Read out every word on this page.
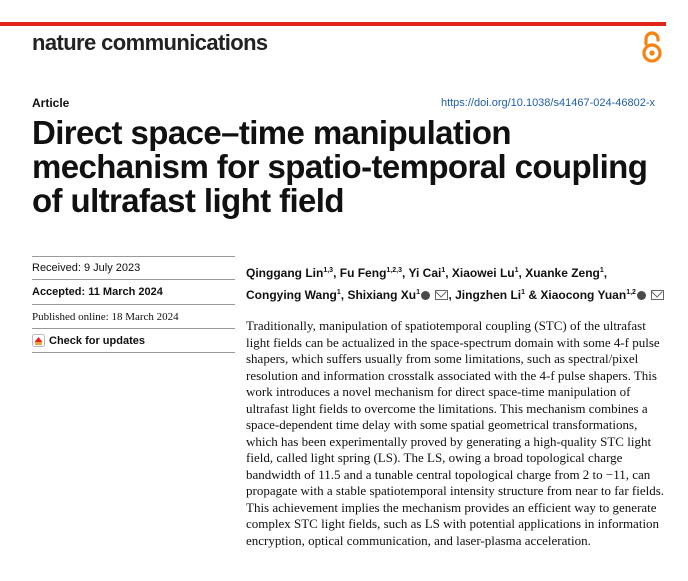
nature communications
Article	https://doi.org/10.1038/s41467-024-46802-x
Direct space–time manipulation mechanism for spatio-temporal coupling of ultrafast light field
Received: 9 July 2023
Accepted: 11 March 2024
Published online: 18 March 2024
Check for updates
Qinggang Lin$^{1,3}$, Fu Feng$^{1,2,3}$, Yi Cai$^1$, Xiaowei Lu$^1$, Xuanke Zeng$^1$, Congying Wang$^1$, Shixiang Xu$^1$  , Jingzhen Li$^1$ & Xiaocong Yuan$^{1,2}$ 

Traditionally, manipulation of spatiotemporal coupling (STC) of the ultrafast light fields can be actualized in the space-spectrum domain with some 4-f pulse shapers, which suffers usually from some limitations, such as spectral/pixel resolution and information crosstalk associated with the 4-f pulse shapers. This work introduces a novel mechanism for direct space-time manipulation of ultrafast light fields to overcome the limitations. This mechanism combines a space-dependent time delay with some spatial geometrical transformations, which has been experimentally proved by generating a high-quality STC light field, called light spring (LS). The LS, owing a broad topological charge bandwidth of 11.5 and a tunable central topological charge from 2 to −11, can propagate with a stable spatiotemporal intensity structure from near to far fields. This achievement implies the mechanism provides an efficient way to generate complex STC light fields, such as LS with potential applications in information encryption, optical communication, and laser-plasma acceleration.
